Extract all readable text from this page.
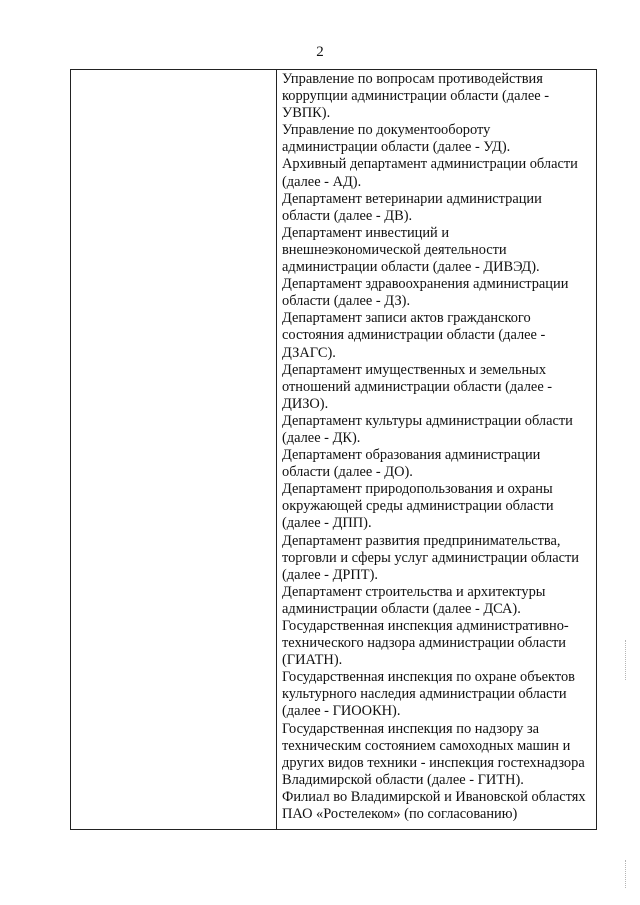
2
Управление по вопросам противодействия
коррупции администрации области (далее -
УВПК).
Управление по документообороту
администрации области (далее - УД).
Архивный департамент администрации области
(далее - АД).
Департамент ветеринарии администрации
области (далее - ДВ).
Департамент инвестиций и
внешнеэкономической деятельности
администрации области (далее - ДИВЭД).
Департамент здравоохранения администрации
области (далее - ДЗ).
Департамент записи актов гражданского
состояния администрации области (далее -
ДЗАГС).
Департамент имущественных и земельных
отношений администрации области (далее -
ДИЗО).
Департамент культуры администрации области
(далее - ДК).
Департамент образования администрации
области (далее - ДО).
Департамент природопользования и охраны
окружающей среды администрации области
(далее - ДПП).
Департамент развития предпринимательства,
торговли и сферы услуг администрации области
(далее - ДРПТ).
Департамент строительства и архитектуры
администрации области (далее - ДСА).
Государственная инспекция административно-
технического надзора администрации области
(ГИАТН).
Государственная инспекция по охране объектов
культурного наследия администрации области
(далее - ГИООКН).
Государственная инспекция по надзору за
техническим состоянием самоходных машин и
других видов техники - инспекция гостехнадзора
Владимирской области (далее - ГИТН).
Филиал во Владимирской и Ивановской областях
ПАО «Ростелеком» (по согласованию)
